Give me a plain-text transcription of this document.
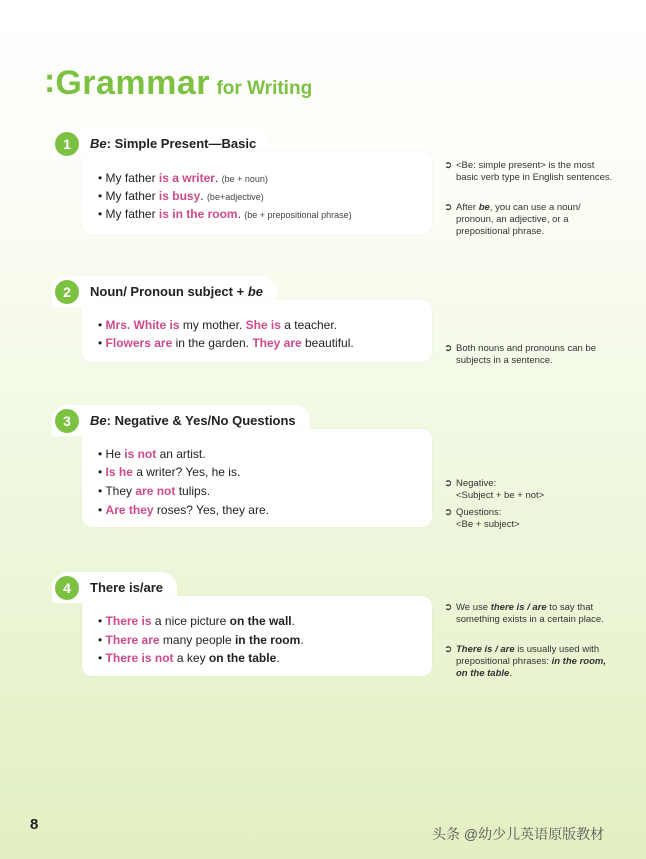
:Grammar for Writing
1	Be: Simple Present—Basic
• My father is a writer. (be + noun)
• My father is busy. (be+adjective)
• My father is in the room. (be + prepositional phrase)
➲ <Be: simple present> is the most basic verb type in English sentences.
➲ After be, you can use a noun/ pronoun, an adjective, or a prepositional phrase.
2	Noun/ Pronoun subject + be
• Mrs. White is my mother. She is a teacher.
• Flowers are in the garden. They are beautiful.	➲ Both nouns and pronouns can be subjects in a sentence.
3	Be: Negative & Yes/No Questions
• He is not an artist.
• Is he a writer? Yes, he is.
• They are not tulips.
• Are they roses? Yes, they are.
➲ Negative:
<Subject + be + not>
➲ Questions:
<Be + subject>
4	There is/are
• There is a nice picture on the wall.
• There are many people in the room.
• There is not a key on the table.
➲ We use there is / are to say that something exists in a certain place.
➲ There is / are is usually used with prepositional phrases: in the room, on the table.
8
头条 @幼少儿英语原版教材
